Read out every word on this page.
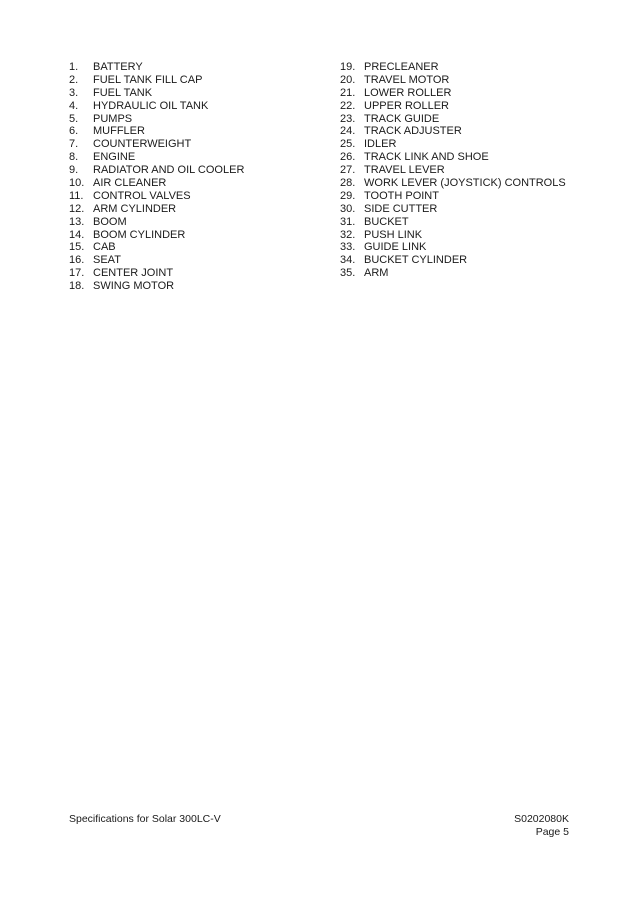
1.	BATTERY
2.	FUEL TANK FILL CAP
3.	FUEL TANK
4.	HYDRAULIC OIL TANK
5.	PUMPS
6.	MUFFLER
7.	COUNTERWEIGHT
8.	ENGINE
9.	RADIATOR AND OIL COOLER
10. AIR CLEANER
11. CONTROL VALVES
12. ARM CYLINDER
13. BOOM
14. BOOM CYLINDER
15. CAB
16. SEAT
17. CENTER JOINT
18. SWING MOTOR
19. PRECLEANER
20. TRAVEL MOTOR
21. LOWER ROLLER
22. UPPER ROLLER
23. TRACK GUIDE
24. TRACK ADJUSTER
25. IDLER
26. TRACK LINK AND SHOE
27. TRAVEL LEVER
28. WORK LEVER (JOYSTICK) CONTROLS
29. TOOTH POINT
30. SIDE CUTTER
31. BUCKET
32. PUSH LINK
33. GUIDE LINK
34. BUCKET CYLINDER
35. ARM
Specifications for Solar 300LC-V	S0202080K
Page 5
